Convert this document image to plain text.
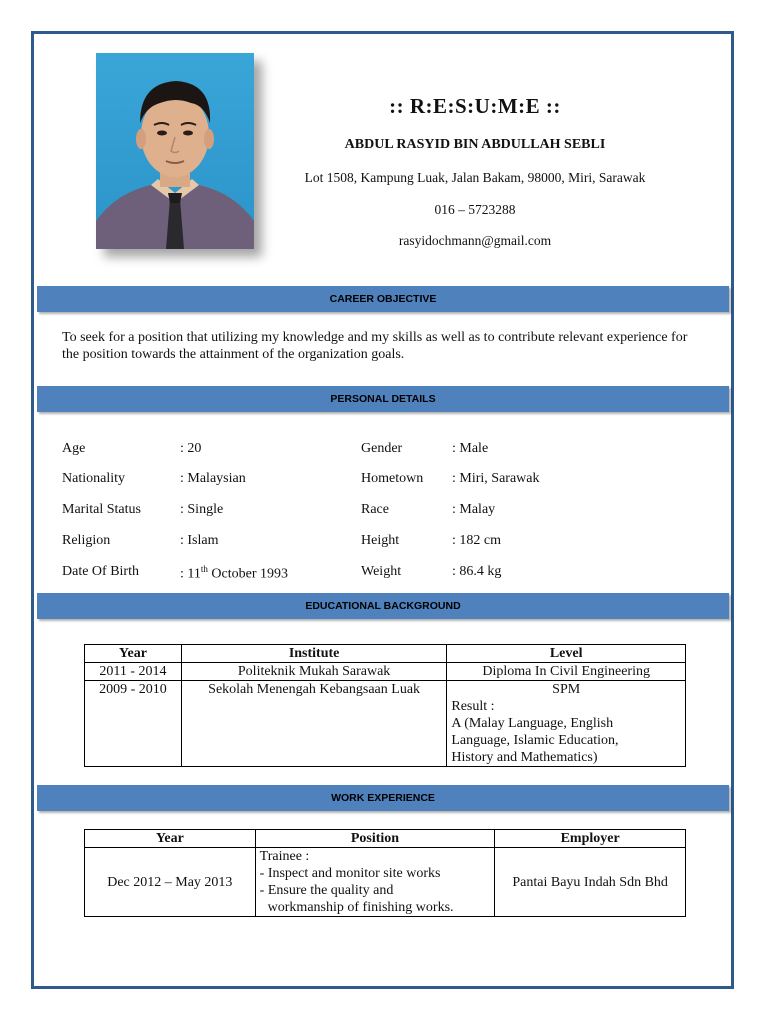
:: R:E:S:U:M:E ::
ABDUL RASYID BIN ABDULLAH SEBLI
Lot 1508, Kampung Luak, Jalan Bakam, 98000, Miri, Sarawak
016 – 5723288
rasyidochmann@gmail.com
CAREER OBJECTIVE
To seek for a position that utilizing my knowledge and my skills as well as to contribute relevant experience for the position towards the attainment of the organization goals.
PERSONAL DETAILS
Age	: 20
Nationality	: Malaysian
Marital Status	: Single
Religion	: Islam
Date Of Birth	: 11th October 1993
Gender	: Male
Hometown : Miri, Sarawak
Race	: Malay
Height	: 182 cm
Weight	: 86.4 kg
EDUCATIONAL BACKGROUND
Year	Institute	Level
2011 - 2014	Politeknik Mukah Sarawak	Diploma In Civil Engineering
2009 - 2010	Sekolah Menengah Kebangsaan Luak	SPM
Result :
A (Malay Language, English
Language, Islamic Education,
History and Mathematics)
WORK EXPERIENCE
Year	Position	Employer
Dec 2012 – May 2013	Trainee :
- Inspect and monitor site works
- Ensure the quality and
workmanship of finishing works.	Pantai Bayu Indah Sdn Bhd
